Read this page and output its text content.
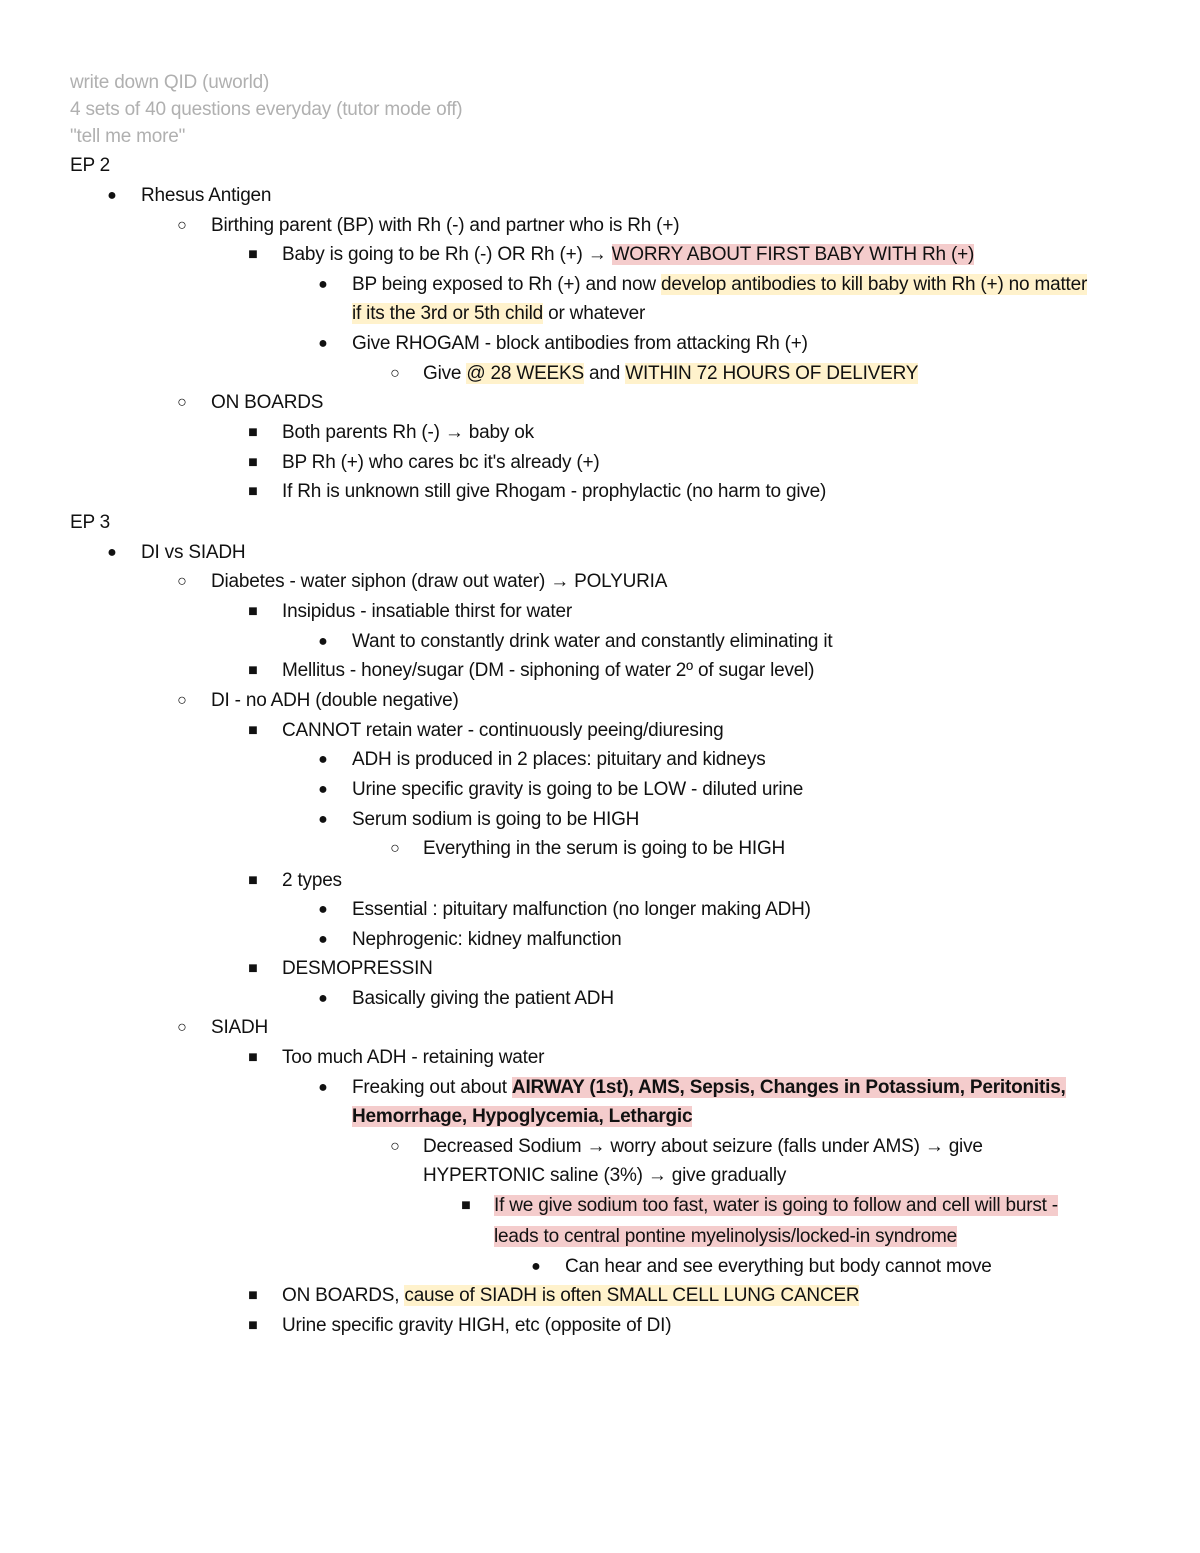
write down QID (uworld)
4 sets of 40 questions everyday (tutor mode off)
"tell me more"
EP 2
● Rhesus Antigen
○ Birthing parent (BP) with Rh (-) and partner who is Rh (+)
■ Baby is going to be Rh (-) OR Rh (+) → WORRY ABOUT FIRST BABY WITH Rh (+)
● BP being exposed to Rh (+) and now develop antibodies to kill baby with Rh (+) no matter
if its the 3rd or 5th child or whatever
● Give RHOGAM - block antibodies from attacking Rh (+)
○ Give @ 28 WEEKS and WITHIN 72 HOURS OF DELIVERY
○ ON BOARDS
■ Both parents Rh (-) → baby ok
■ BP Rh (+) who cares bc it's already (+)
■ If Rh is unknown still give Rhogam - prophylactic (no harm to give)
EP 3
● DI vs SIADH
○ Diabetes - water siphon (draw out water) → POLYURIA
■ Insipidus - insatiable thirst for water
● Want to constantly drink water and constantly eliminating it
■ Mellitus - honey/sugar (DM - siphoning of water 2º of sugar level)
○ DI - no ADH (double negative)
■ CANNOT retain water - continuously peeing/diuresing
● ADH is produced in 2 places: pituitary and kidneys
● Urine specific gravity is going to be LOW - diluted urine
● Serum sodium is going to be HIGH
○ Everything in the serum is going to be HIGH
■ 2 types
● Essential : pituitary malfunction (no longer making ADH)
● Nephrogenic: kidney malfunction
■ DESMOPRESSIN
● Basically giving the patient ADH
○ SIADH
■ Too much ADH - retaining water
● Freaking out about AIRWAY (1st), AMS, Sepsis, Changes in Potassium, Peritonitis,
Hemorrhage, Hypoglycemia, Lethargic
○ Decreased Sodium → worry about seizure (falls under AMS) → give
HYPERTONIC saline (3%) → give gradually
■ If we give sodium too fast, water is going to follow and cell will burst -
leads to central pontine myelinolysis/locked-in syndrome
● Can hear and see everything but body cannot move
■ ON BOARDS, cause of SIADH is often SMALL CELL LUNG CANCER
■ Urine specific gravity HIGH, etc (opposite of DI)
